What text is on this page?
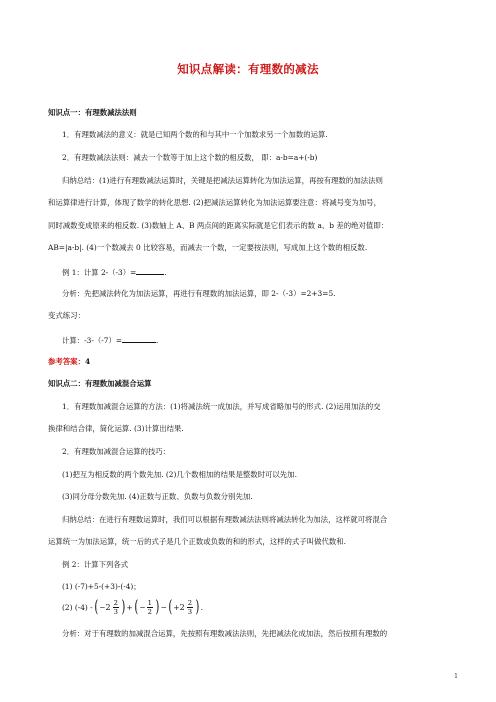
知识点解读：有理数的减法
知识点一：有理数减法法则
1．有理数减法的意义：就是已知两个数的和与其中一个加数求另一个加数的运算.
2．有理数减法法则：减去一个数等于加上这个数的相反数， 即：a-b=a+(-b)
归纳总结：(1)进行有理数减法运算时，关键是把减法运算转化为加法运算，再按有理数的加法法则
和运算律进行计算，体现了数学的转化思想. (2)把减法运算转化为加法运算要注意：将减号变为加号，
同时减数变成原来的相反数. (3)数轴上 A、B 两点间的距离实际就是它们表示的数 a、b 差的绝对值即：
AB=|a-b|. (4)一个数减去 0 比较容易，而减去一个数，一定要按法则，写成加上这个数的相反数.
例 1：计算 2-（-3）=	.
分析：先把减法转化为加法运算，再进行有理数的加法运算，即 2-（-3）=2+3=5.
变式练习：
计算：-3-（-7）=	.
参考答案：4
知识点二：有理数加减混合运算
1．有理数加减混合运算的方法：(1)将减法统一成加法，并写成省略加号的形式. (2)运用加法的交
换律和结合律，简化运算. (3)计算出结果.
2．有理数加减混合运算的技巧：
(1)把互为相反数的两个数先加. (2)几个数相加的结果是整数时可以先加.
(3)同分母分数先加. (4)正数与正数、负数与负数分别先加.
归纳总结：在进行有理数运算时，我们可以根据有理数减法法则将减法转化为加法，这样就可将混合
运算统一为加法运算，统一后的式子是几个正数或负数的和的形式，这样的式子叫做代数和.
例 2：计算下列各式
(1) (-7)+5-(+3)-(-4)；
(2) (-4) - ( − $2 \frac{2}{3}$ ) + ( − $\frac{1}{2}$ ) − ( + $2 \frac{2}{3}$ ) .
分析：对于有理数的加减混合运算，先按照有理数减法法则，先把减法化成加法，然后按照有理数的
1
